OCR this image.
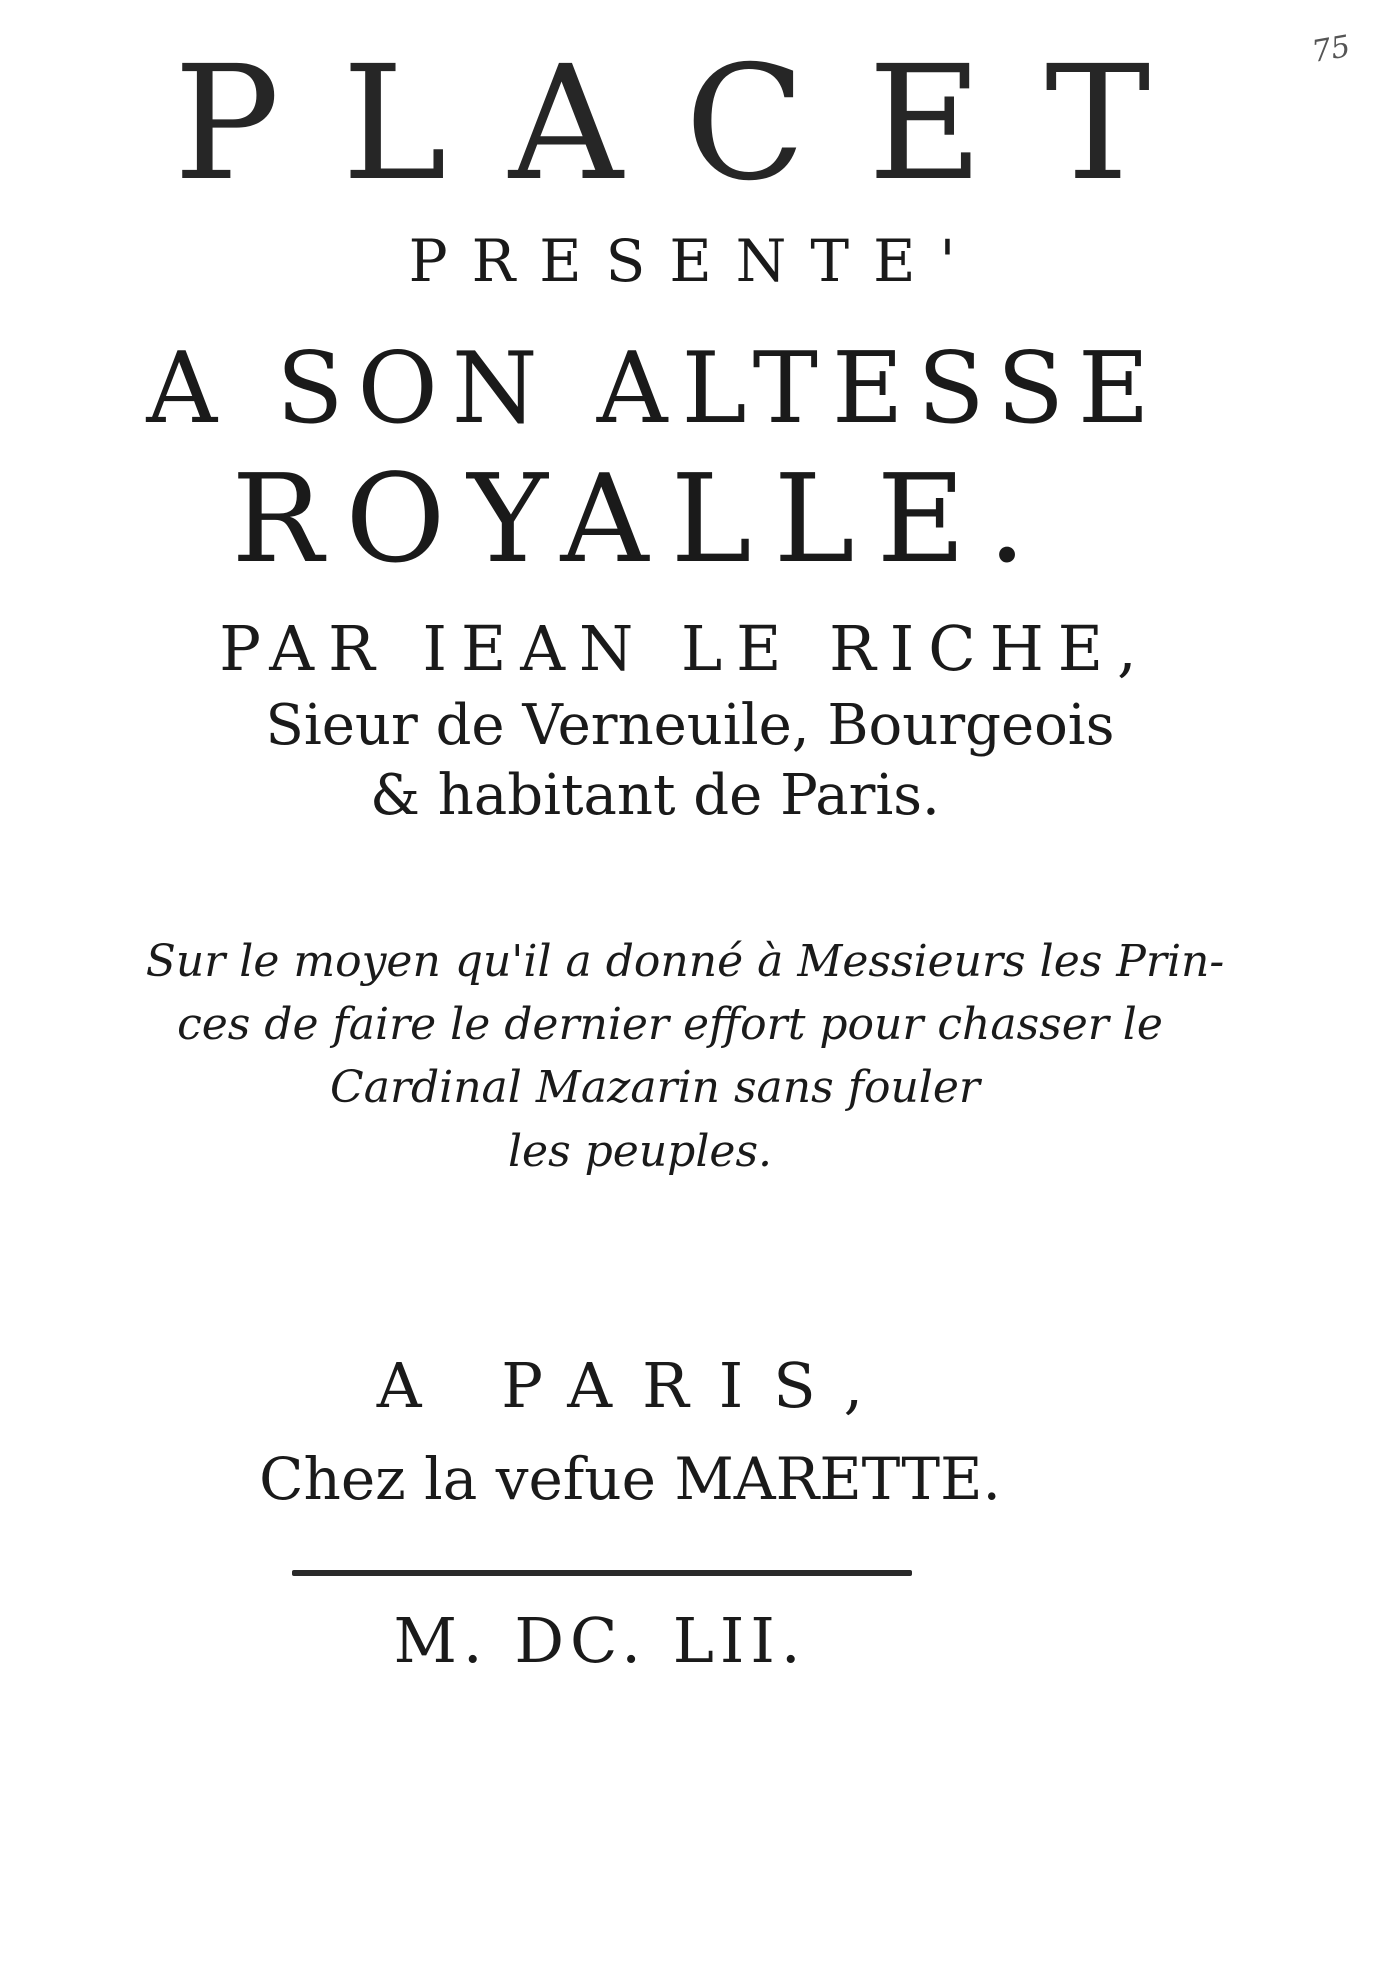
75
PLACET
PRESENTE'
A SON ALTESSE
ROYALLE.
PAR IEAN LE RICHE,
Sieur de Verneuile, Bourgeois
& habitant de Paris.
Sur le moyen qu'il a donné à Messieurs les Prin-
ces de faire le dernier effort pour chasser le
Cardinal Mazarin sans fouler
les peuples.
A PARIS,
Chez la vefue MARETTE.
M. DC. LII.
